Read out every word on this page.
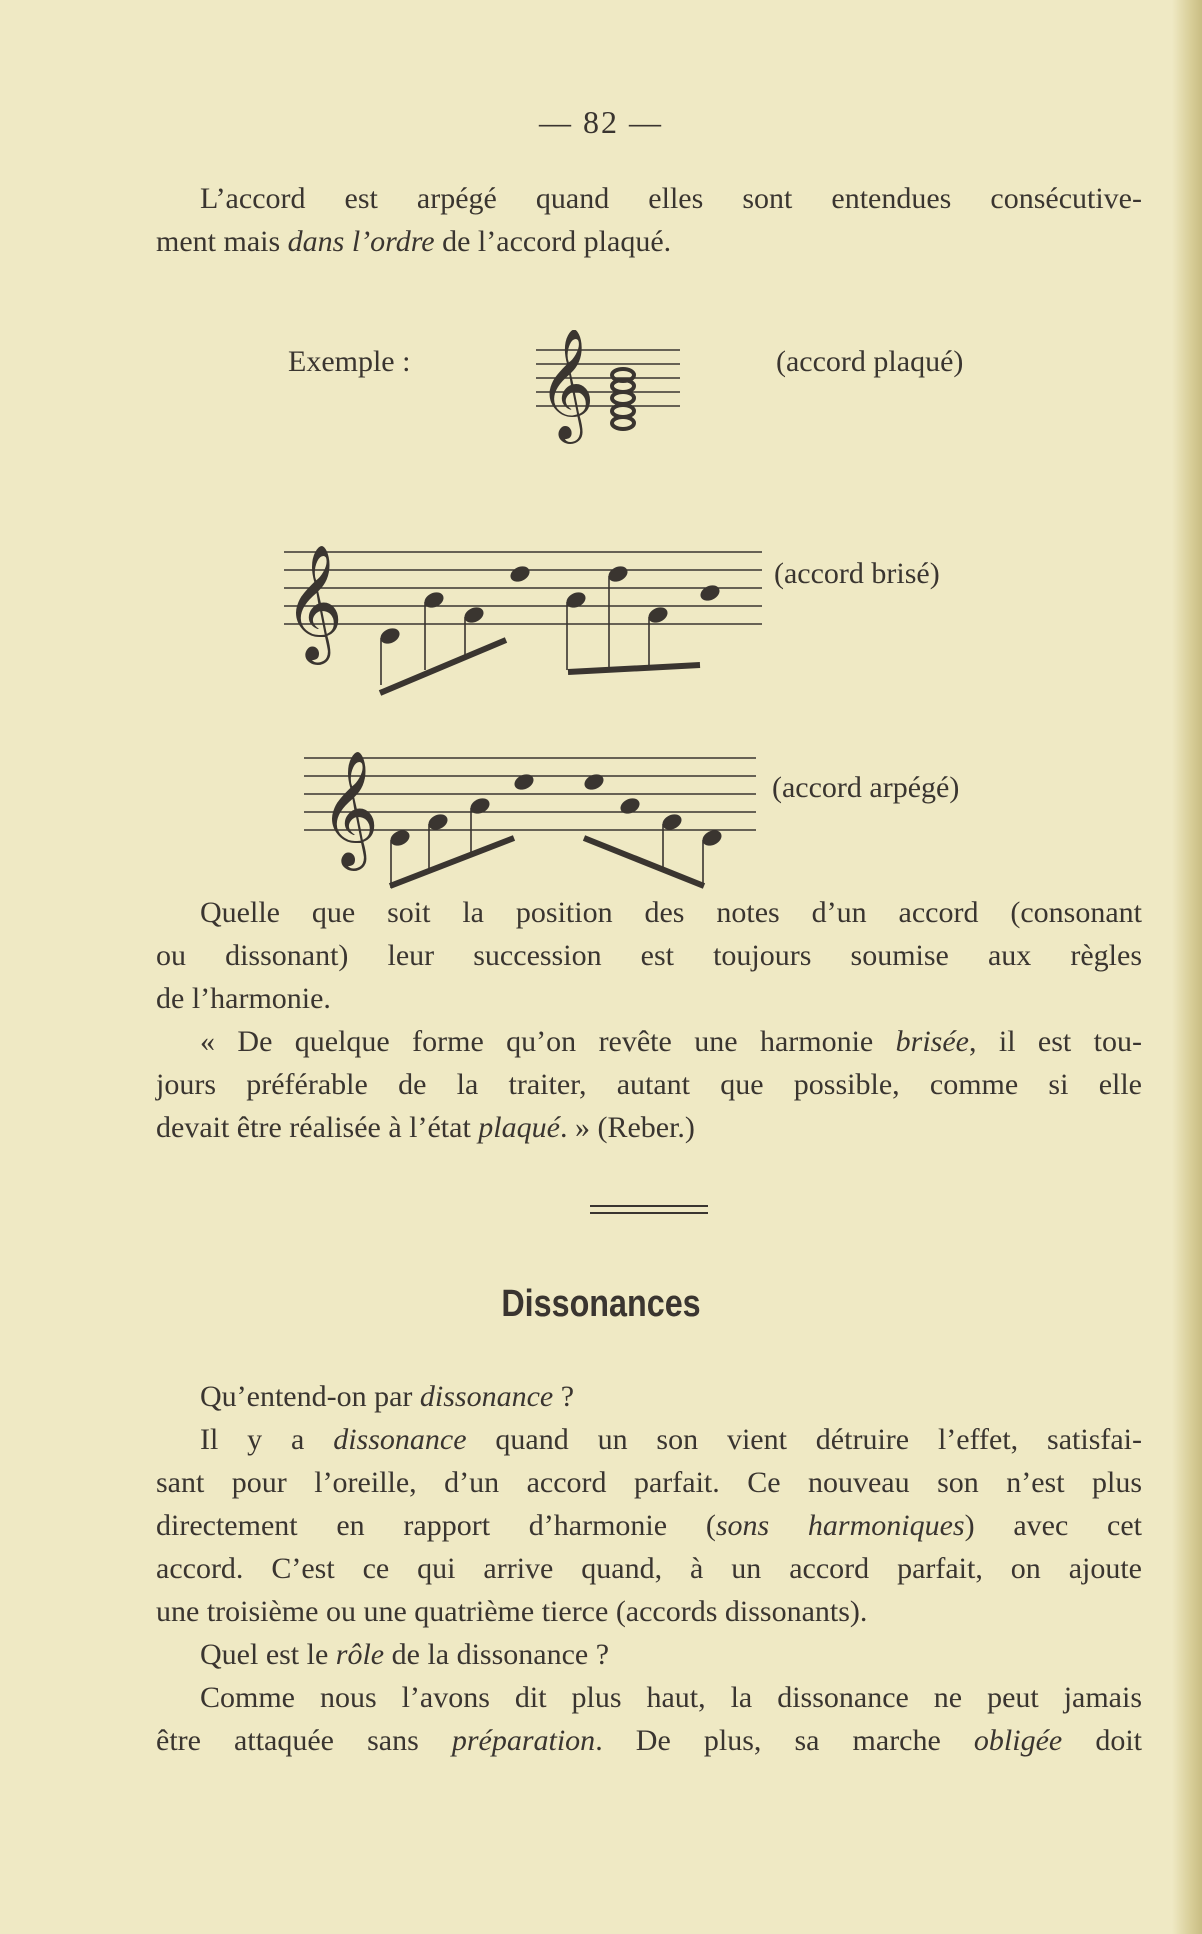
— 82 —
L’accord est arpégé quand elles sont entendues consécutive-
ment mais dans l’ordre de l’accord plaqué.
Exemple : 𝄞	(accord plaqué)
𝄞	(accord brisé)
𝄞	(accord arpégé)
Quelle que soit la position des notes d’un accord (consonant
ou dissonant) leur succession est toujours soumise aux règles
de l’harmonie.
« De quelque forme qu’on revête une harmonie brisée, il est tou-
jours préférable de la traiter, autant que possible, comme si elle
devait être réalisée à l’état plaqué. » (Reber.)
Dissonances
Qu’entend-on par dissonance ?
Il y a dissonance quand un son vient détruire l’effet, satisfai-
sant pour l’oreille, d’un accord parfait. Ce nouveau son n’est plus
directement en rapport d’harmonie (sons harmoniques) avec cet
accord. C’est ce qui arrive quand, à un accord parfait, on ajoute
une troisième ou une quatrième tierce (accords dissonants).
Quel est le rôle de la dissonance ?
Comme nous l’avons dit plus haut, la dissonance ne peut jamais
être attaquée sans préparation. De plus, sa marche obligée doit
